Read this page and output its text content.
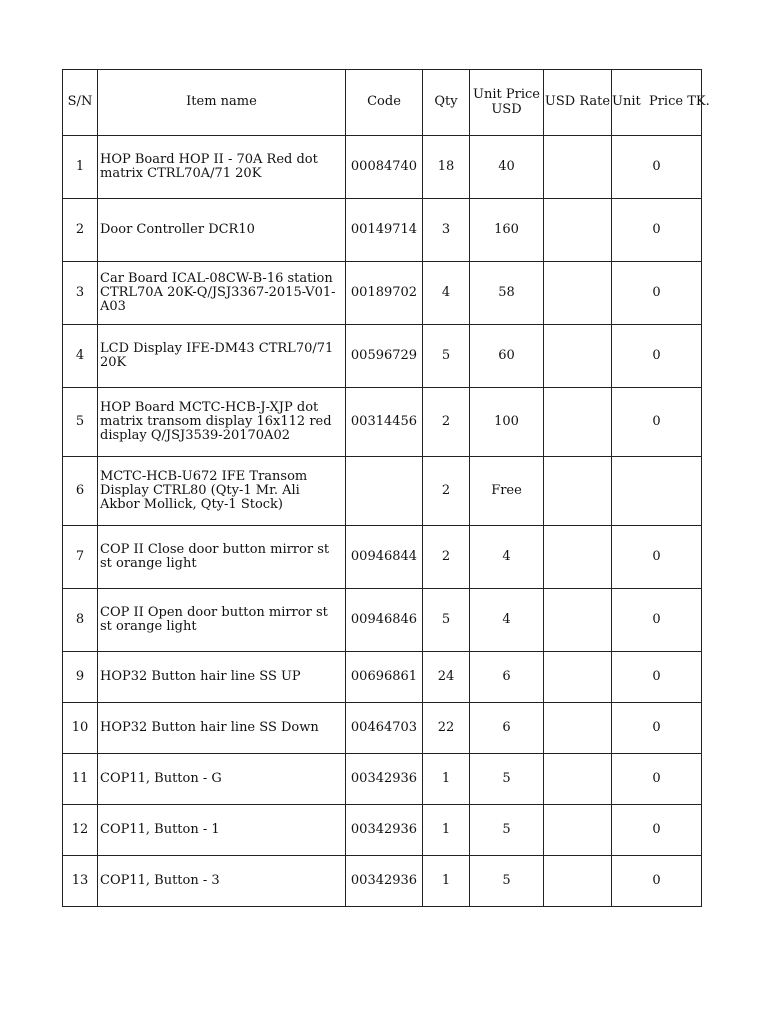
S/N	Item name	Code	Qty	Unit Price USD	USD Rate	Unit  Price TK.
1	HOP Board HOP II - 70A Red dot matrix CTRL70A/71 20K	00084740	18	40		0
2	Door Controller DCR10	00149714	3	160		0
3	Car Board ICAL-08CW-B-16 station CTRL70A 20K-Q/JSJ3367-2015-V01-A03	00189702	4	58		0
4	LCD Display IFE-DM43 CTRL70/71 20K	00596729	5	60		0
5	HOP Board MCTC-HCB-J-XJP dot matrix transom display 16x112 red display Q/JSJ3539-20170A02	00314456	2	100		0
6	MCTC-HCB-U672 IFE Transom Display CTRL80 (Qty-1 Mr. Ali Akbor Mollick, Qty-1 Stock)		2	Free		
7	COP II Close door button mirror st st orange light	00946844	2	4		0
8	COP II Open door button mirror st st orange light	00946846	5	4		0
9	HOP32 Button hair line SS UP	00696861	24	6		0
10	HOP32 Button hair line SS Down	00464703	22	6		0
11	COP11, Button - G	00342936	1	5		0
12	COP11, Button - 1	00342936	1	5		0
13	COP11, Button - 3	00342936	1	5		0
